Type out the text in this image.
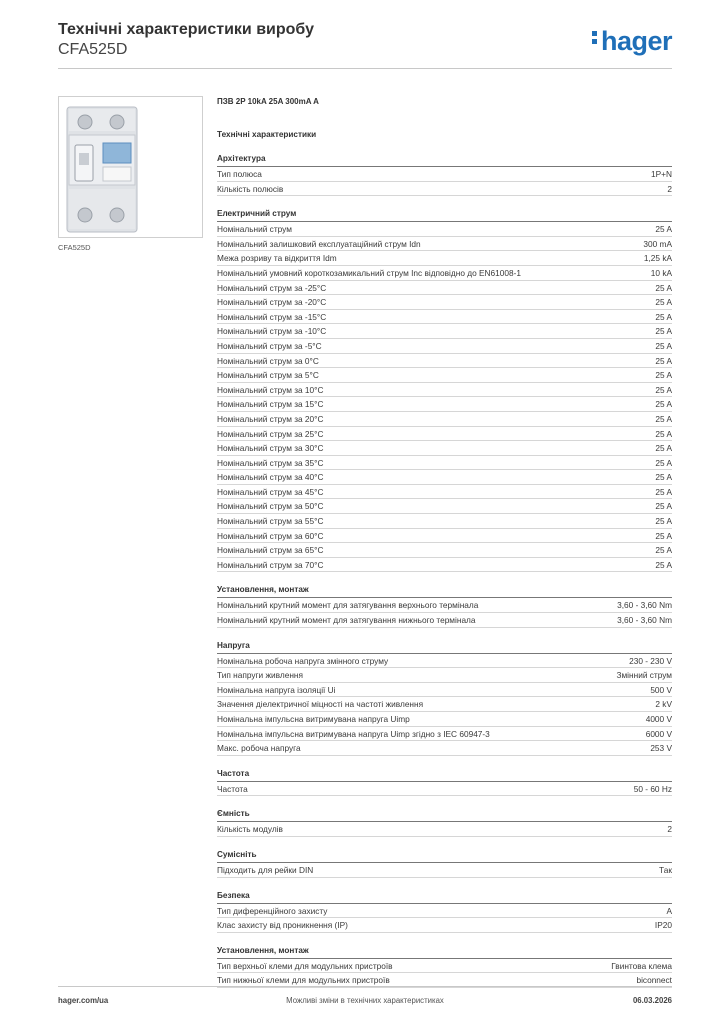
Технічні характеристики виробу
CFA525D	hager
CFA525D
ПЗВ 2P 10kA 25A 300mA A
Технічні характеристики
Архітектура
Тип полюса	1P+N
Кількість полюсів	2
Електричний струм
Номінальний струм	25 A
Номінальний залишковий експлуатаційний струм Idn	300 mA
Межа розриву та відкриття Idm	1,25 kA
Номінальний умовний короткозамикальний струм Inc відповідно до EN61008-1	10 kA
Номінальний струм за -25°C	25 A
Номінальний струм за -20°C	25 A
Номінальний струм за -15°C	25 A
Номінальний струм за -10°C	25 A
Номінальний струм за -5°C	25 A
Номінальний струм за 0°C	25 A
Номінальний струм за 5°C	25 A
Номінальний струм за 10°C	25 A
Номінальний струм за 15°C	25 A
Номінальний струм за 20°C	25 A
Номінальний струм за 25°C	25 A
Номінальний струм за 30°C	25 A
Номінальний струм за 35°C	25 A
Номінальний струм за 40°C	25 A
Номінальний струм за 45°C	25 A
Номінальний струм за 50°C	25 A
Номінальний струм за 55°C	25 A
Номінальний струм за 60°C	25 A
Номінальний струм за 65°C	25 A
Номінальний струм за 70°C	25 A
Установлення, монтаж
Номінальний крутний момент для затягування верхнього термінала	3,60 - 3,60 Nm
Номінальний крутний момент для затягування нижнього термінала	3,60 - 3,60 Nm
Напруга
Номінальна робоча напруга змінного струму	230 - 230 V
Тип напруги живлення	Змінний струм
Номінальна напруга ізоляції Ui	500 V
Значення діелектричної міцності на частоті живлення	2 kV
Номінальна імпульсна витримувана напруга Uimp	4000 V
Номінальна імпульсна витримувана напруга Uimp згідно з IEC 60947-3	6000 V
Макс. робоча напруга	253 V
Частота
Частота	50 - 60 Hz
Ємність
Кількість модулів	2
Сумісніть
Підходить для рейки DIN	Так
Безпека
Тип диференційного захисту	A
Клас захисту від проникнення (IP)	IP20
Установлення, монтаж
Тип верхньої клеми для модульних пристроїв	Гвинтова клема
Тип нижньої клеми для модульних пристроїв	biconnect
hager.com/ua	Можливі зміни в технічних характеристиках	06.03.2026
